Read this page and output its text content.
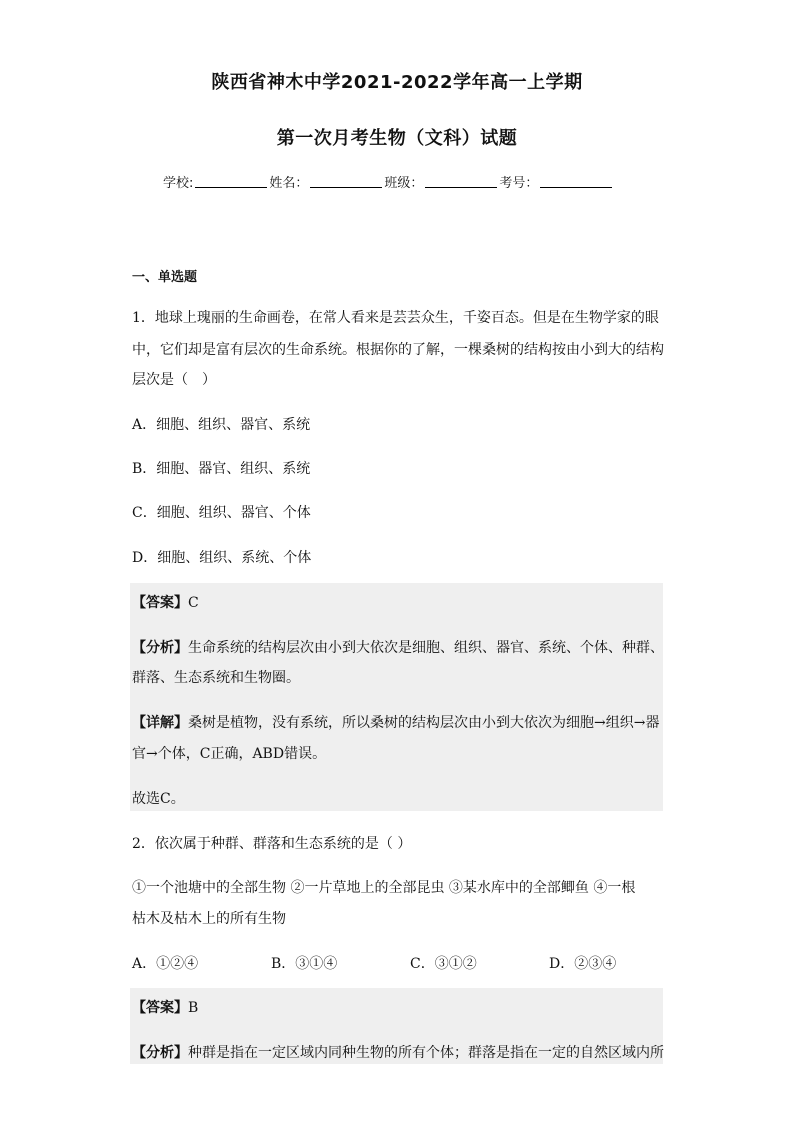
陕西省神木中学2021-2022学年高一上学期
第一次月考生物（文科）试题
学校:	姓名：	班级：	考号：
一、单选题
1．地球上瑰丽的生命画卷，在常人看来是芸芸众生，千姿百态。但是在生物学家的眼
中，它们却是富有层次的生命系统。根据你的了解，一棵桑树的结构按由小到大的结构
层次是（　）
A．细胞、组织、器官、系统
B．细胞、器官、组织、系统
C．细胞、组织、器官、个体
D．细胞、组织、系统、个体
【答案】C
【分析】生命系统的结构层次由小到大依次是细胞、组织、器官、系统、个体、种群、
群落、生态系统和生物圈。
【详解】桑树是植物，没有系统，所以桑树的结构层次由小到大依次为细胞→组织→器
官→个体，C正确，ABD错误。
故选C。
2．依次属于种群、群落和生态系统的是（ ）
①一个池塘中的全部生物 ②一片草地上的全部昆虫 ③某水库中的全部鲫鱼 ④一根
枯木及枯木上的所有生物
A．①②④	B．③①④	C．③①②	D．②③④
【答案】B
【分析】种群是指在一定区域内同种生物的所有个体；群落是指在一定的自然区域内所
